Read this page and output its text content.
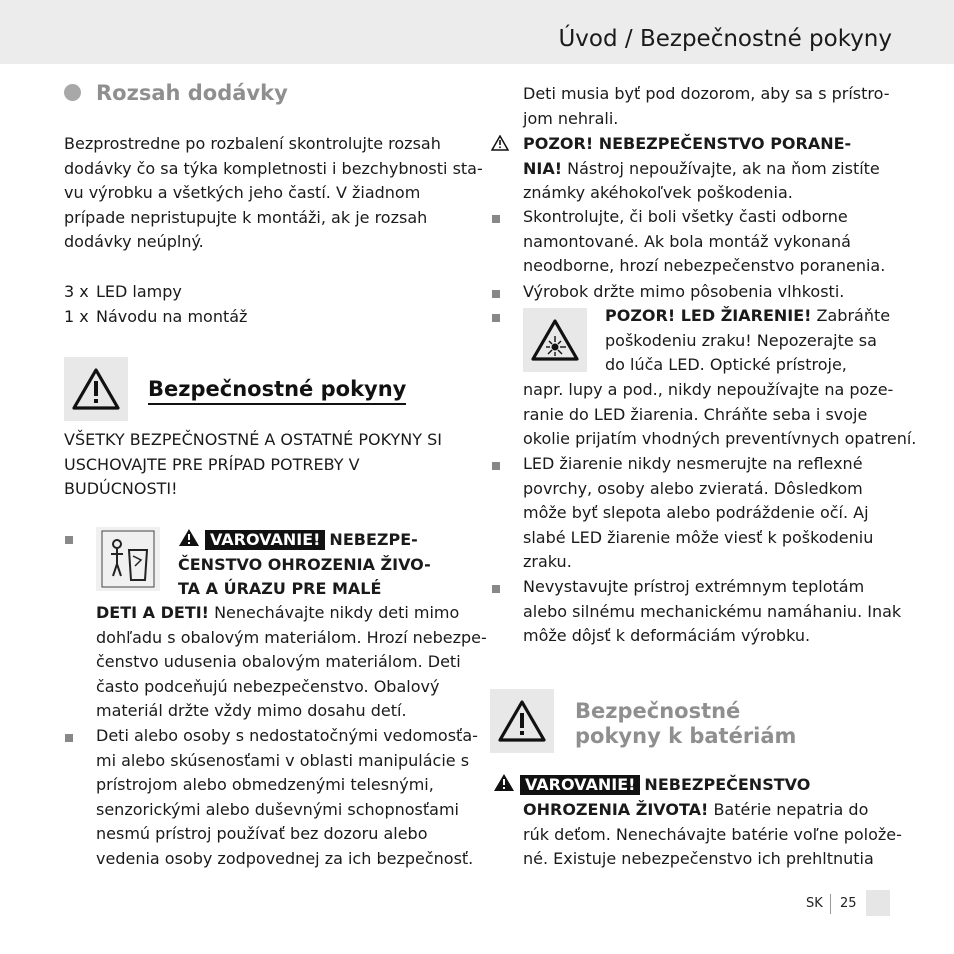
Úvod / Bezpečnostné pokyny
Rozsah dodávky
Bezprostredne po rozbalení skontrolujte rozsah
dodávky čo sa týka kompletnosti i bezchybnosti sta-
vu výrobku a všetkých jeho častí. V žiadnom
prípade nepristupujte k montáži, ak je rozsah
dodávky neúplný.
3 x LED lampy
1 x Návodu na montáž
Bezpečnostné pokyny
VŠETKY BEZPEČNOSTNÉ A OSTATNÉ POKYNY SI
USCHOVAJTE PRE PRÍPAD POTREBY V
BUDÚCNOSTI!
VAROVANIE! NEBEZPE-
ČENSTVO OHROZENIA ŽIVO-
TA A ÚRAZU PRE MALÉ
DETI A DETI! Nenechávajte nikdy deti mimo
dohľadu s obalovým materiálom. Hrozí nebezpe-
čenstvo udusenia obalovým materiálom. Deti
často podceňujú nebezpečenstvo. Obalový
materiál držte vždy mimo dosahu detí.
Deti alebo osoby s nedostatočnými vedomosťa-
mi alebo skúsenosťami v oblasti manipulácie s
prístrojom alebo obmedzenými telesnými,
senzorickými alebo duševnými schopnosťami
nesmú prístroj používať bez dozoru alebo
vedenia osoby zodpovednej za ich bezpečnosť.
Deti musia byť pod dozorom, aby sa s prístro-
jom nehrali.
POZOR! NEBEZPEČENSTVO PORANE-
NIA! Nástroj nepoužívajte, ak na ňom zistíte
známky akéhokoľvek poškodenia.
Skontrolujte, či boli všetky časti odborne
namontované. Ak bola montáž vykonaná
neodborne, hrozí nebezpečenstvo poranenia.
Výrobok držte mimo pôsobenia vlhkosti.
POZOR! LED ŽIARENIE! Zabráňte
poškodeniu zraku! Nepozerajte sa
do lúča LED. Optické prístroje,
napr. lupy a pod., nikdy nepoužívajte na poze-
ranie do LED žiarenia. Chráňte seba i svoje
okolie prijatím vhodných preventívnych opatrení.
LED žiarenie nikdy nesmerujte na reflexné
povrchy, osoby alebo zvieratá. Dôsledkom
môže byť slepota alebo podráždenie očí. Aj
slabé LED žiarenie môže viesť k poškodeniu
zraku.
Nevystavujte prístroj extrémnym teplotám
alebo silnému mechanickému namáhaniu. Inak
môže dôjsť k deformáciám výrobku.
Bezpečnostné
pokyny k batériám
VAROVANIE! NEBEZPEČENSTVO
OHROZENIA ŽIVOTA! Batérie nepatria do
rúk deťom. Nenechávajte batérie voľne polože-
né. Existuje nebezpečenstvo ich prehltnutia
SK 25
